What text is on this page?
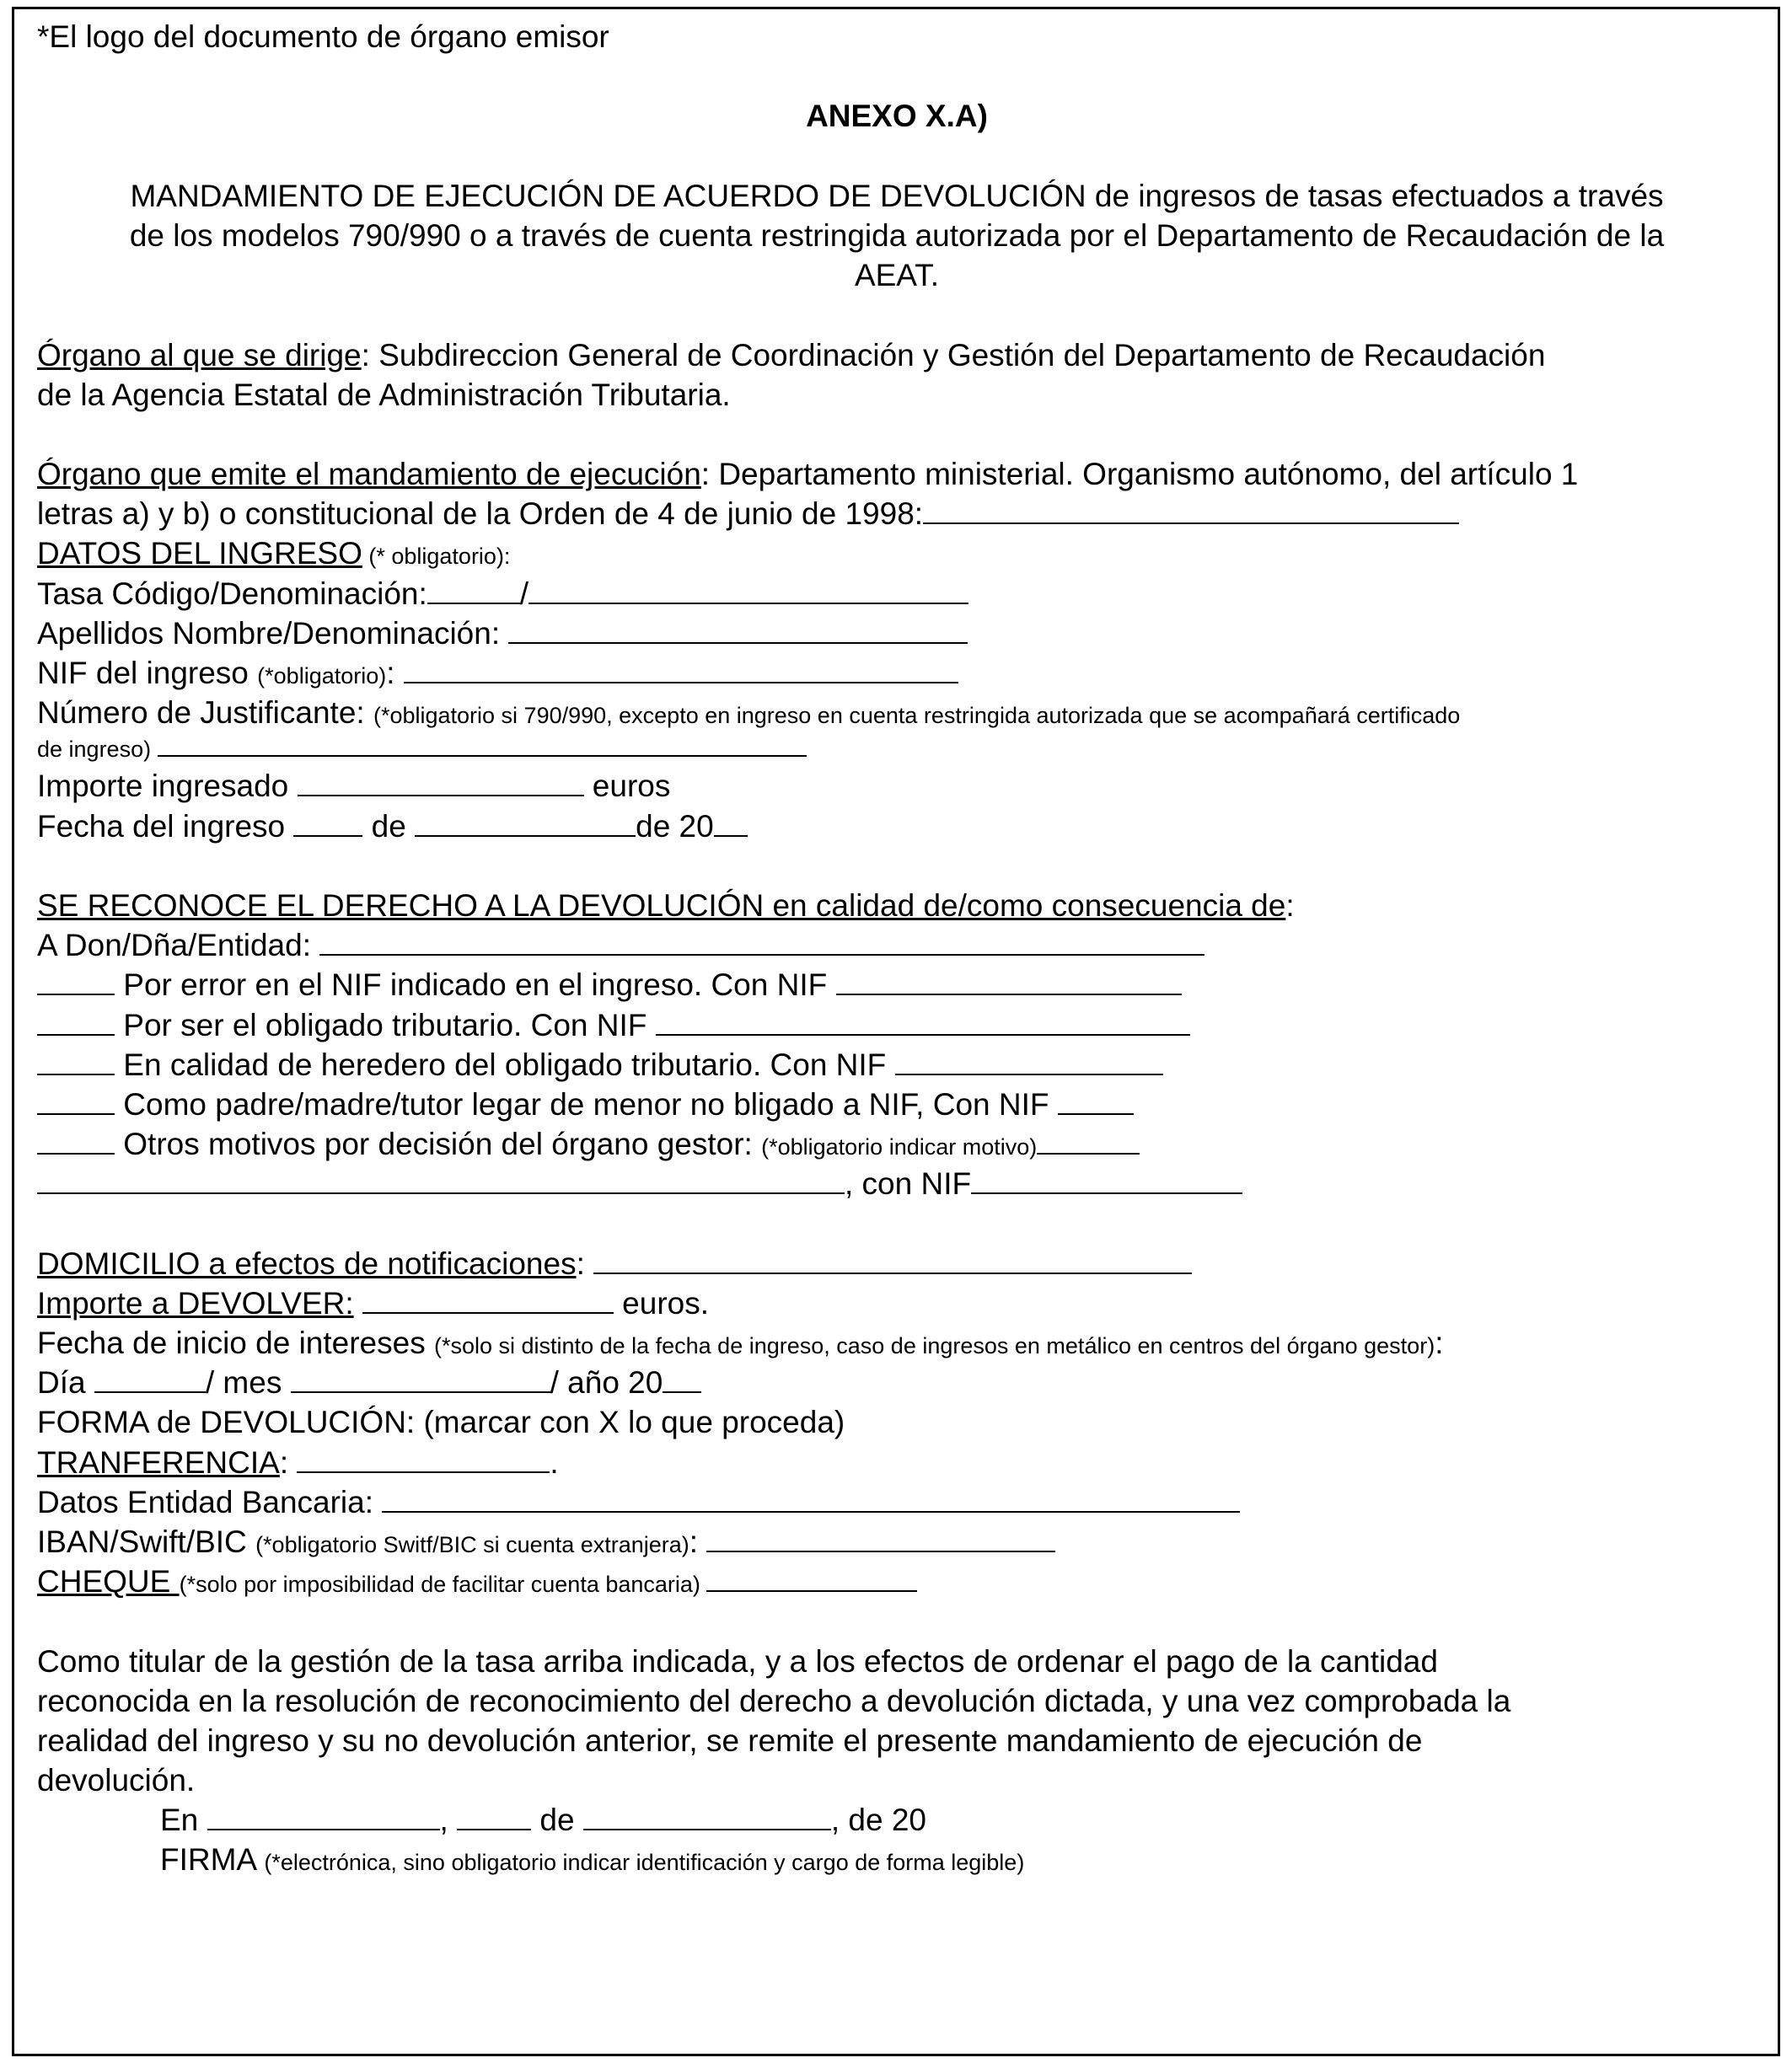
*El logo del documento de órgano emisor
ANEXO X.A)
MANDAMIENTO DE EJECUCIÓN DE ACUERDO DE DEVOLUCIÓN de ingresos de tasas efectuados a través
de los modelos 790/990 o a través de cuenta restringida autorizada por el Departamento de Recaudación de la
AEAT.
Órgano al que se dirige: Subdireccion General de Coordinación y Gestión del Departamento de Recaudación
de la Agencia Estatal de Administración Tributaria.
Órgano que emite el mandamiento de ejecución: Departamento ministerial. Organismo autónomo, del artículo 1
letras a) y b) o constitucional de la Orden de 4 de junio de 1998:
DATOS DEL INGRESO (* obligatorio):
Tasa Código/Denominación:	/
Apellidos Nombre/Denominación:
NIF del ingreso (*obligatorio):
Número de Justificante: (*obligatorio si 790/990, excepto en ingreso en cuenta restringida autorizada que se acompañará certificado
de ingreso)
Importe ingresado	euros
Fecha del ingreso  de	de 20
SE RECONOCE EL DERECHO A LA DEVOLUCIÓN en calidad de/como consecuencia de:
A Don/Dña/Entidad:
Por error en el NIF indicado en el ingreso. Con NIF
Por ser el obligado tributario. Con NIF
En calidad de heredero del obligado tributario. Con NIF
Como padre/madre/tutor legar de menor no bligado a NIF, Con NIF
Otros motivos por decisión del órgano gestor: (*obligatorio indicar motivo)
, con NIF
DOMICILIO a efectos de notificaciones:
Importe a DEVOLVER:	euros.
Fecha de inicio de intereses (*solo si distinto de la fecha de ingreso, caso de ingresos en metálico en centros del órgano gestor):
Día	/ mes	/ año 20
FORMA de DEVOLUCIÓN: (marcar con X lo que proceda)
TRANFERENCIA:	.
Datos Entidad Bancaria:
IBAN/Swift/BIC (*obligatorio Switf/BIC si cuenta extranjera):
CHEQUE (*solo por imposibilidad de facilitar cuenta bancaria)
Como titular de la gestión de la tasa arriba indicada, y a los efectos de ordenar el pago de la cantidad
reconocida en la resolución de reconocimiento del derecho a devolución dictada, y una vez comprobada la
realidad del ingreso y su no devolución anterior, se remite el presente mandamiento de ejecución de
devolución.
En	,  de	, de 20
FIRMA (*electrónica, sino obligatorio indicar identificación y cargo de forma legible)
